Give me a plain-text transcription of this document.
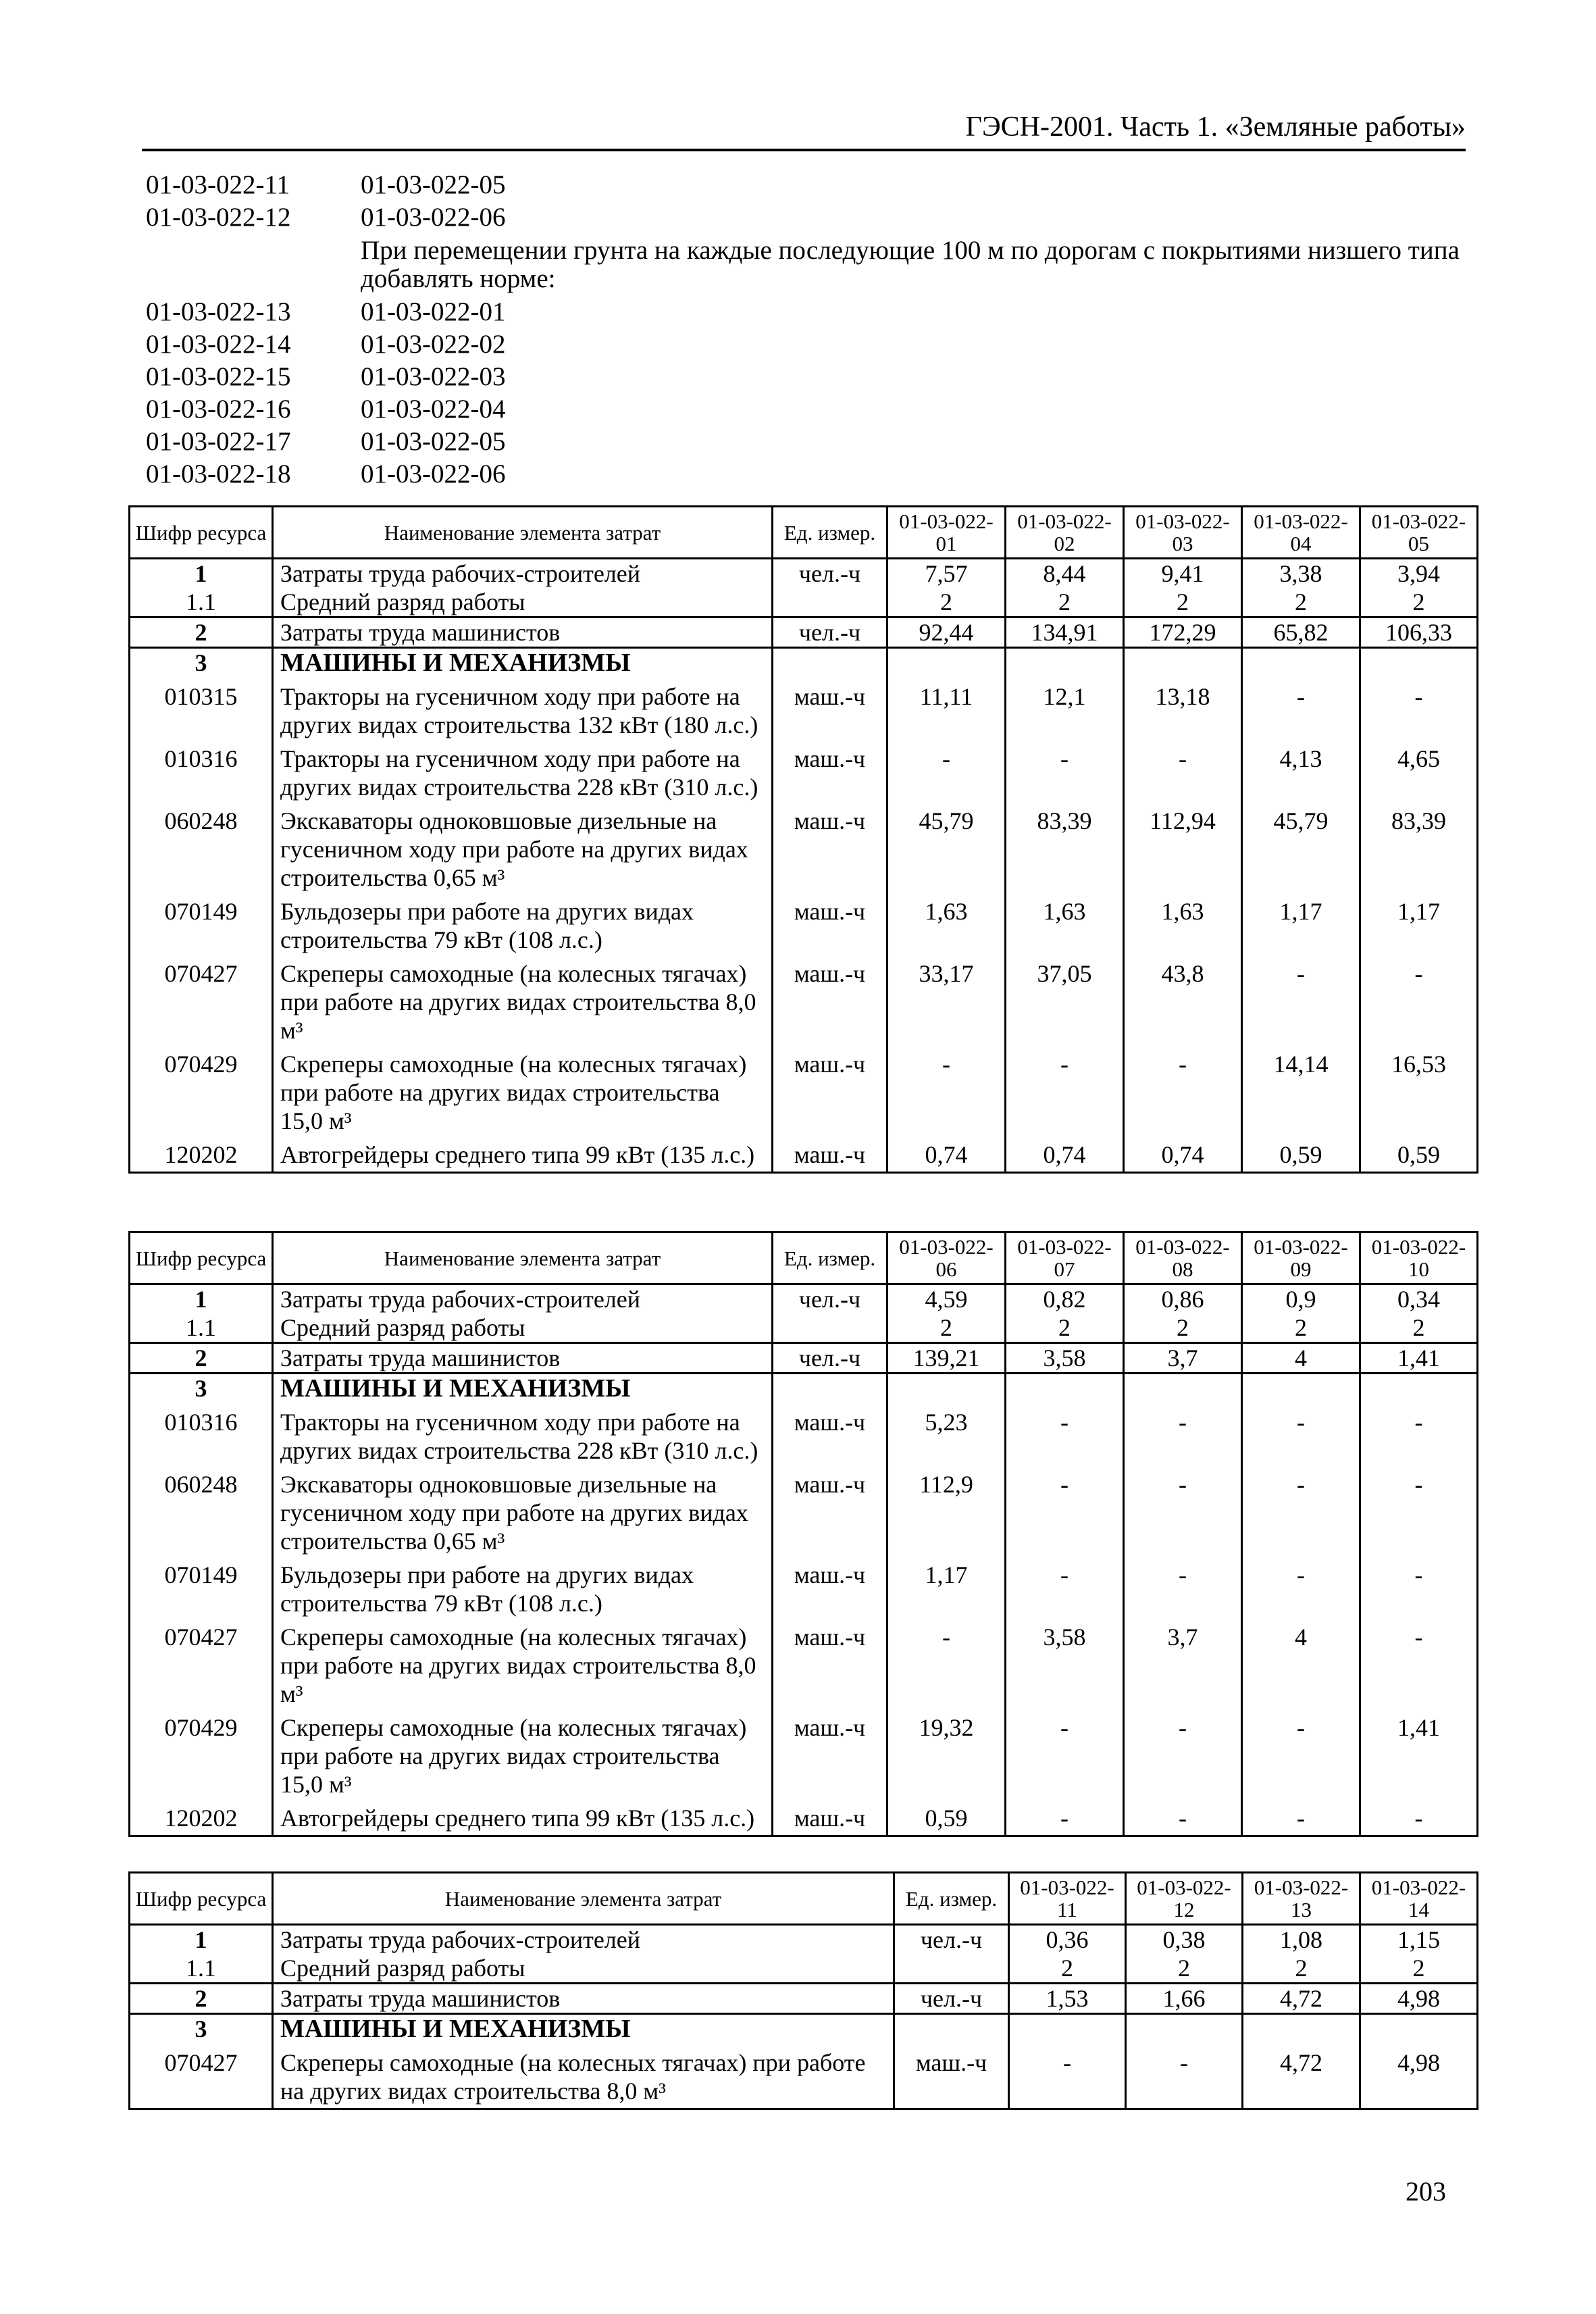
ГЭСН-2001. Часть 1. «Земляные работы»
01-03-022-11	01-03-022-05
01-03-022-12	01-03-022-06
При перемещении грунта на каждые последующие 100 м по дорогам с покрытиями низшего типа добавлять норме:
01-03-022-13	01-03-022-01
01-03-022-14	01-03-022-02
01-03-022-15	01-03-022-03
01-03-022-16	01-03-022-04
01-03-022-17	01-03-022-05
01-03-022-18	01-03-022-06
Шифр ресурса	Наименование элемента затрат	Ед. измер.	01-03-022-01	01-03-022-02	01-03-022-03	01-03-022-04	01-03-022-05
1	Затраты труда рабочих-строителей	чел.-ч	7,57	8,44	9,41	3,38	3,94
1.1	Средний разряд работы		2	2	2	2	2
2	Затраты труда машинистов	чел.-ч	92,44	134,91	172,29	65,82	106,33
3	МАШИНЫ И МЕХАНИЗМЫ						
010315	Тракторы на гусеничном ходу при работе на других видах строительства 132 кВт (180 л.с.)	маш.-ч	11,11	12,1	13,18	-	-
010316	Тракторы на гусеничном ходу при работе на других видах строительства 228 кВт (310 л.с.)	маш.-ч	-	-	-	4,13	4,65
060248	Экскаваторы одноковшовые дизельные на гусеничном ходу при работе на других видах строительства 0,65 м³	маш.-ч	45,79	83,39	112,94	45,79	83,39
070149	Бульдозеры при работе на других видах строительства 79 кВт (108 л.с.)	маш.-ч	1,63	1,63	1,63	1,17	1,17
070427	Скреперы самоходные (на колесных тягачах) при работе на других видах строительства 8,0 м³	маш.-ч	33,17	37,05	43,8	-	-
070429	Скреперы самоходные (на колесных тягачах) при работе на других видах строительства 15,0 м³	маш.-ч	-	-	-	14,14	16,53
120202	Автогрейдеры среднего типа 99 кВт (135 л.с.)	маш.-ч	0,74	0,74	0,74	0,59	0,59
Шифр ресурса	Наименование элемента затрат	Ед. измер.	01-03-022-06	01-03-022-07	01-03-022-08	01-03-022-09	01-03-022-10
1	Затраты труда рабочих-строителей	чел.-ч	4,59	0,82	0,86	0,9	0,34
1.1	Средний разряд работы		2	2	2	2	2
2	Затраты труда машинистов	чел.-ч	139,21	3,58	3,7	4	1,41
3	МАШИНЫ И МЕХАНИЗМЫ						
010316	Тракторы на гусеничном ходу при работе на других видах строительства 228 кВт (310 л.с.)	маш.-ч	5,23	-	-	-	-
060248	Экскаваторы одноковшовые дизельные на гусеничном ходу при работе на других видах строительства 0,65 м³	маш.-ч	112,9	-	-	-	-
070149	Бульдозеры при работе на других видах строительства 79 кВт (108 л.с.)	маш.-ч	1,17	-	-	-	-
070427	Скреперы самоходные (на колесных тягачах) при работе на других видах строительства 8,0 м³	маш.-ч	-	3,58	3,7	4	-
070429	Скреперы самоходные (на колесных тягачах) при работе на других видах строительства 15,0 м³	маш.-ч	19,32	-	-	-	1,41
120202	Автогрейдеры среднего типа 99 кВт (135 л.с.)	маш.-ч	0,59	-	-	-	-
Шифр ресурса	Наименование элемента затрат	Ед. измер.	01-03-022-11	01-03-022-12	01-03-022-13	01-03-022-14
1	Затраты труда рабочих-строителей	чел.-ч	0,36	0,38	1,08	1,15
1.1	Средний разряд работы		2	2	2	2
2	Затраты труда машинистов	чел.-ч	1,53	1,66	4,72	4,98
3	МАШИНЫ И МЕХАНИЗМЫ					
070427	Скреперы самоходные (на колесных тягачах) при работе на других видах строительства 8,0 м³	маш.-ч	-	-	4,72	4,98
203
